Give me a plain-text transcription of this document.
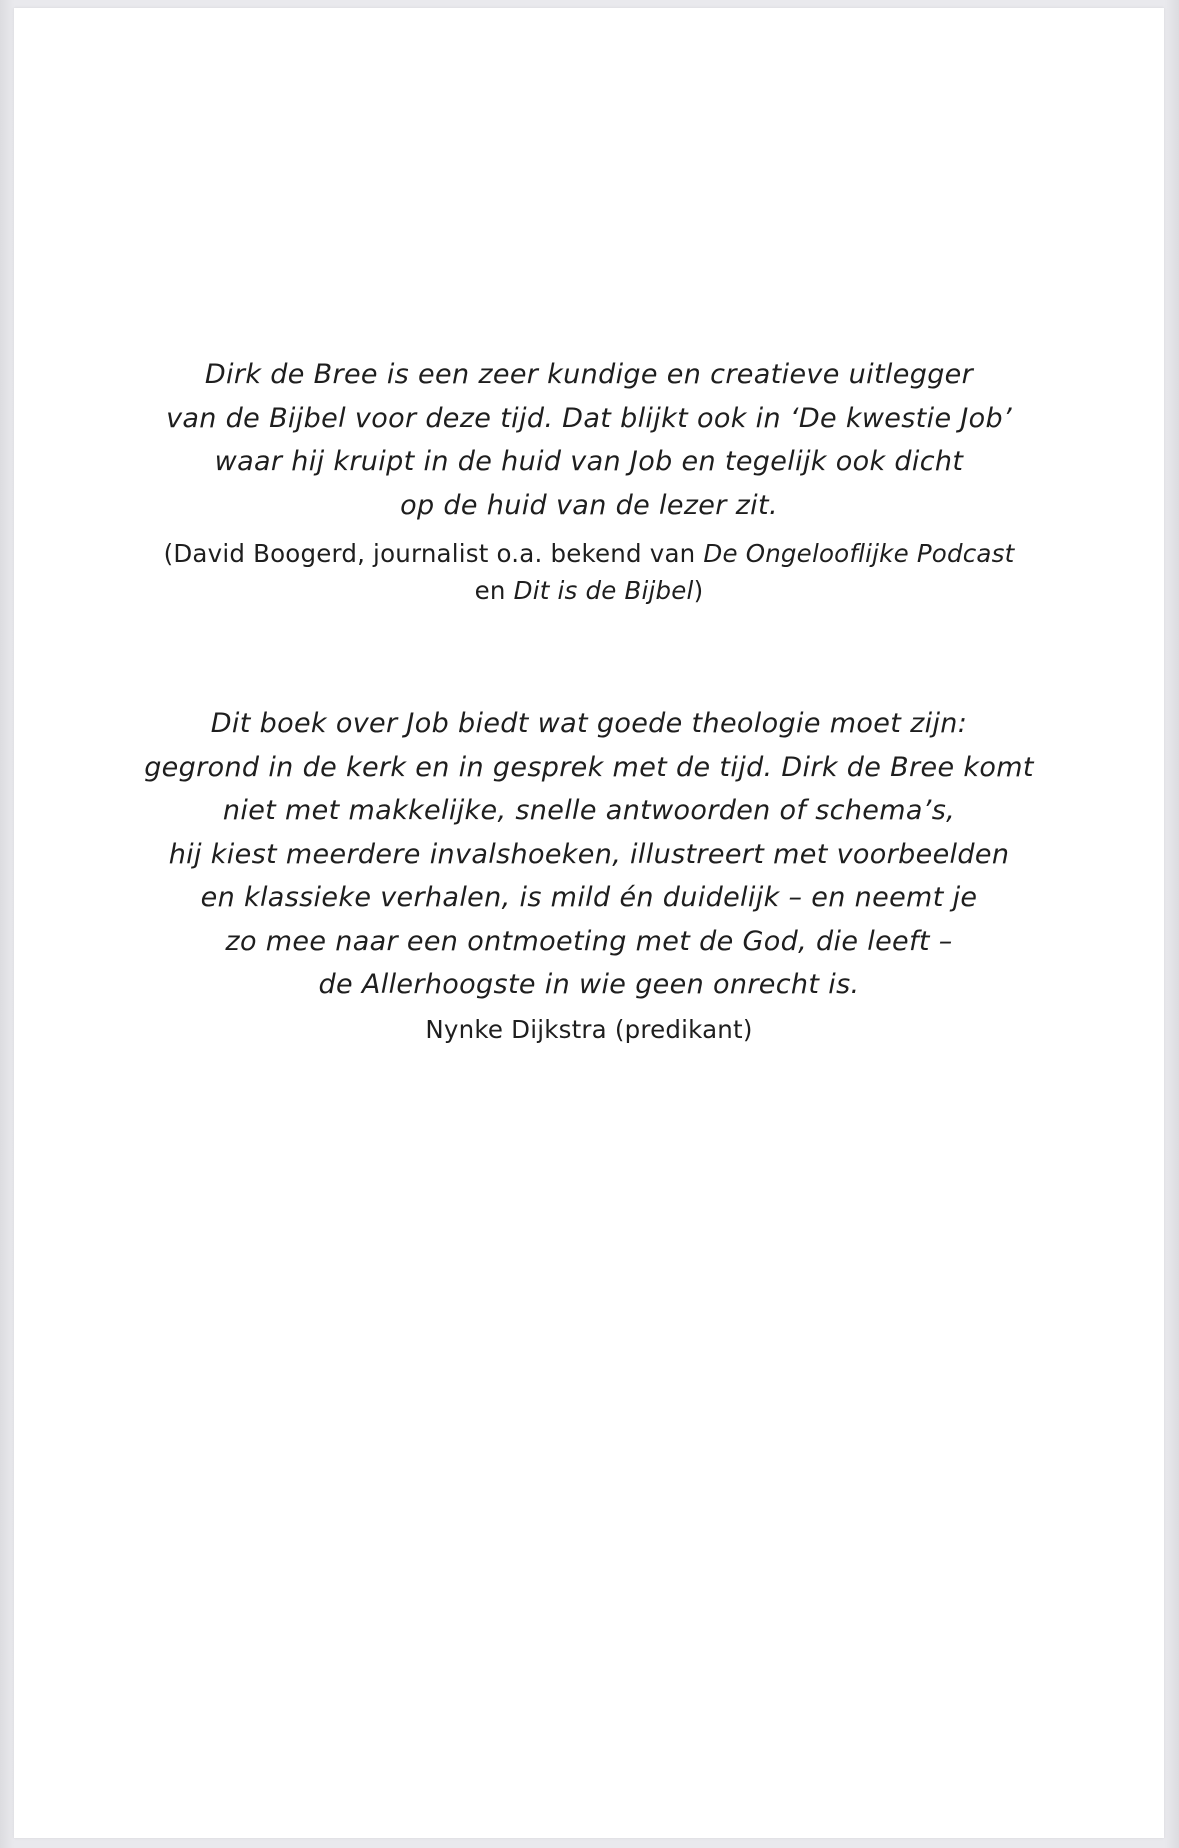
Dirk de Bree is een zeer kundige en creatieve uitlegger
van de Bijbel voor deze tijd. Dat blijkt ook in ‘De kwestie Job’
waar hij kruipt in de huid van Job en tegelijk ook dicht
op de huid van de lezer zit.
(David Boogerd, journalist o.a. bekend van De Ongelooflijke Podcast
en Dit is de Bijbel)
Dit boek over Job biedt wat goede theologie moet zijn:
gegrond in de kerk en in gesprek met de tijd. Dirk de Bree komt
niet met makkelijke, snelle antwoorden of schema’s,
hij kiest meerdere invalshoeken, illustreert met voorbeelden
en klassieke verhalen, is mild én duidelijk – en neemt je
zo mee naar een ontmoeting met de God, die leeft –
de Allerhoogste in wie geen onrecht is.
Nynke Dijkstra (predikant)
